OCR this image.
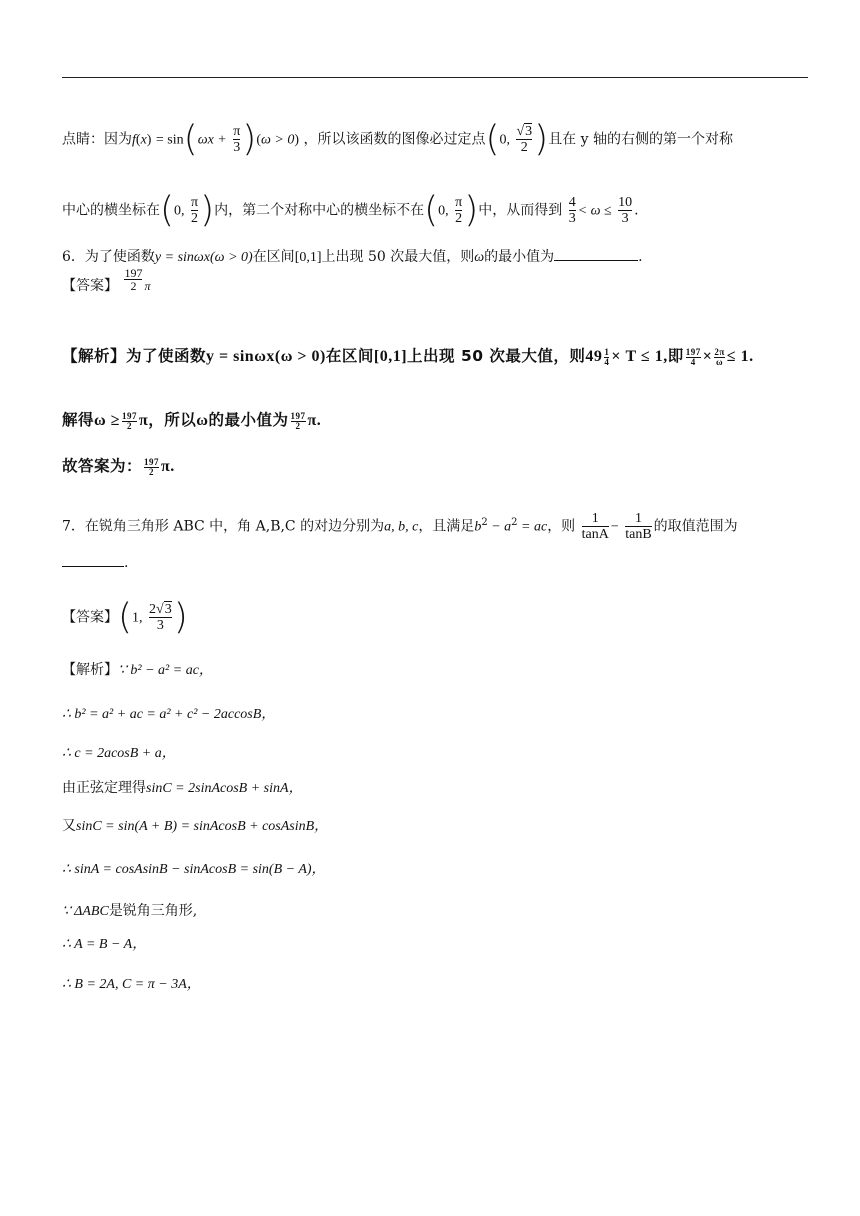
点睛：因为$f(x) = \sin(\omega x + \frac{\pi}{3} )(\omega > 0)$ ，所以该函数的图像必过定点(0, $\frac{√3}{2}$ )且在 y 轴的右侧的第一个对称
中心的横坐标在(0, $\frac{\pi}{2}$ )内，第二个对称中心的横坐标不在(0, $\frac{\pi}{2}$ )中，从而得到 $\frac{4}{3} < \omega \le \frac{10}{3}$ .
6．为了使函数y = sinωx(ω > 0)在区间[0,1]上出现 50 次最大值，则ω的最小值为	.
【答案】 $\frac{197}{2}$ π
【解析】为了使函数y = sinωx(ω > 0)在区间[0,1]上出现 50 次最大值，则$49 \frac{1}{4} \times T \le 1$,即 $\frac{197}{4} \times \frac{2\pi}{\omega} \le 1$.
解得$\omega \ge \frac{197}{2}$ π，所以ω的最小值为 $\frac{197}{2} \pi$.
故答案为： $\frac{197}{2} \pi$.
7．在锐角三角形 ABC 中，角 A,B,C 的对边分别为a, b, c，且满足$b^2 - a^2$ = ac，则 $\frac{1}{\tan A} - \frac{1}{\tan B}$ 的取值范围为
.
【答案】(1, $\frac{2√3}{3}$ )
【解析】∵ b² − a² = ac，
∴ b² = a² + ac = a² + c² − 2accosB，
∴ c = 2acosB + a，
由正弦定理得sinC = 2sinAcosB + sinA，
又sinC = sin(A + B) = sinAcosB + cosAsinB，
∴ sinA = cosAsinB − sinAcosB = sin(B − A)，
∵ ΔABC是锐角三角形,
∴ A = B − A，
∴ B = 2A, C = π − 3A，
